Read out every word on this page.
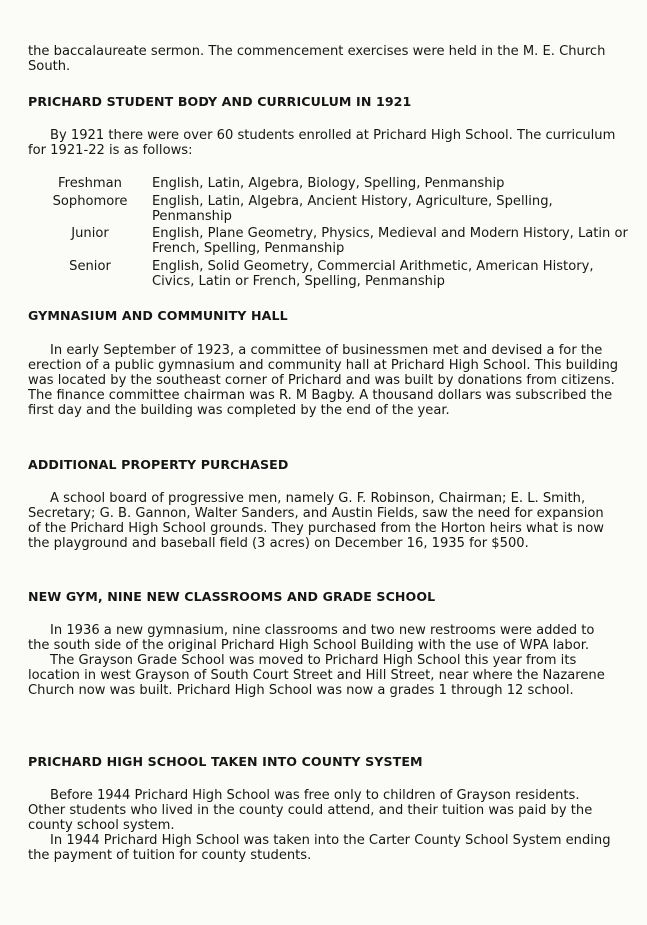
the baccalaureate sermon. The commencement exercises were held in the M. E. Church South.

PRICHARD STUDENT BODY AND CURRICULUM IN 1921

By 1921 there were over 60 students enrolled at Prichard High School. The curriculum for 1921-22 is as follows:

Freshman	English, Latin, Algebra, Biology, Spelling, Penmanship
Sophomore	English, Latin, Algebra, Ancient History, Agriculture, Spelling, Penmanship
Junior	English, Plane Geometry, Physics, Medieval and Modern History, Latin or French, Spelling, Penmanship
Senior	English, Solid Geometry, Commercial Arithmetic, American History, Civics, Latin or French, Spelling, Penmanship
GYMNASIUM AND COMMUNITY HALL

In early September of 1923, a committee of businessmen met and devised a for the erection of a public gymnasium and community hall at Prichard High School. This building was located by the southeast corner of Prichard and was built by donations from citizens. The finance committee chairman was R. M Bagby. A thousand dollars was subscribed the first day and the building was completed by the end of the year.

ADDITIONAL PROPERTY PURCHASED

A school board of progressive men, namely G. F. Robinson, Chairman; E. L. Smith, Secretary; G. B. Gannon, Walter Sanders, and Austin Fields, saw the need for expansion of the Prichard High School grounds. They purchased from the Horton heirs what is now the playground and baseball field (3 acres) on December 16, 1935 for $500.

NEW GYM, NINE NEW CLASSROOMS AND GRADE SCHOOL

In 1936 a new gymnasium, nine classrooms and two new restrooms were added to the south side of the original Prichard High School Building with the use of WPA labor.

The Grayson Grade School was moved to Prichard High School this year from its location in west Grayson of South Court Street and Hill Street, near where the Nazarene Church now was built. Prichard High School was now a grades 1 through 12 school.

PRICHARD HIGH SCHOOL TAKEN INTO COUNTY SYSTEM

Before 1944 Prichard High School was free only to children of Grayson residents. Other students who lived in the county could attend, and their tuition was paid by the county school system.

In 1944 Prichard High School was taken into the Carter County School System ending the payment of tuition for county students.
